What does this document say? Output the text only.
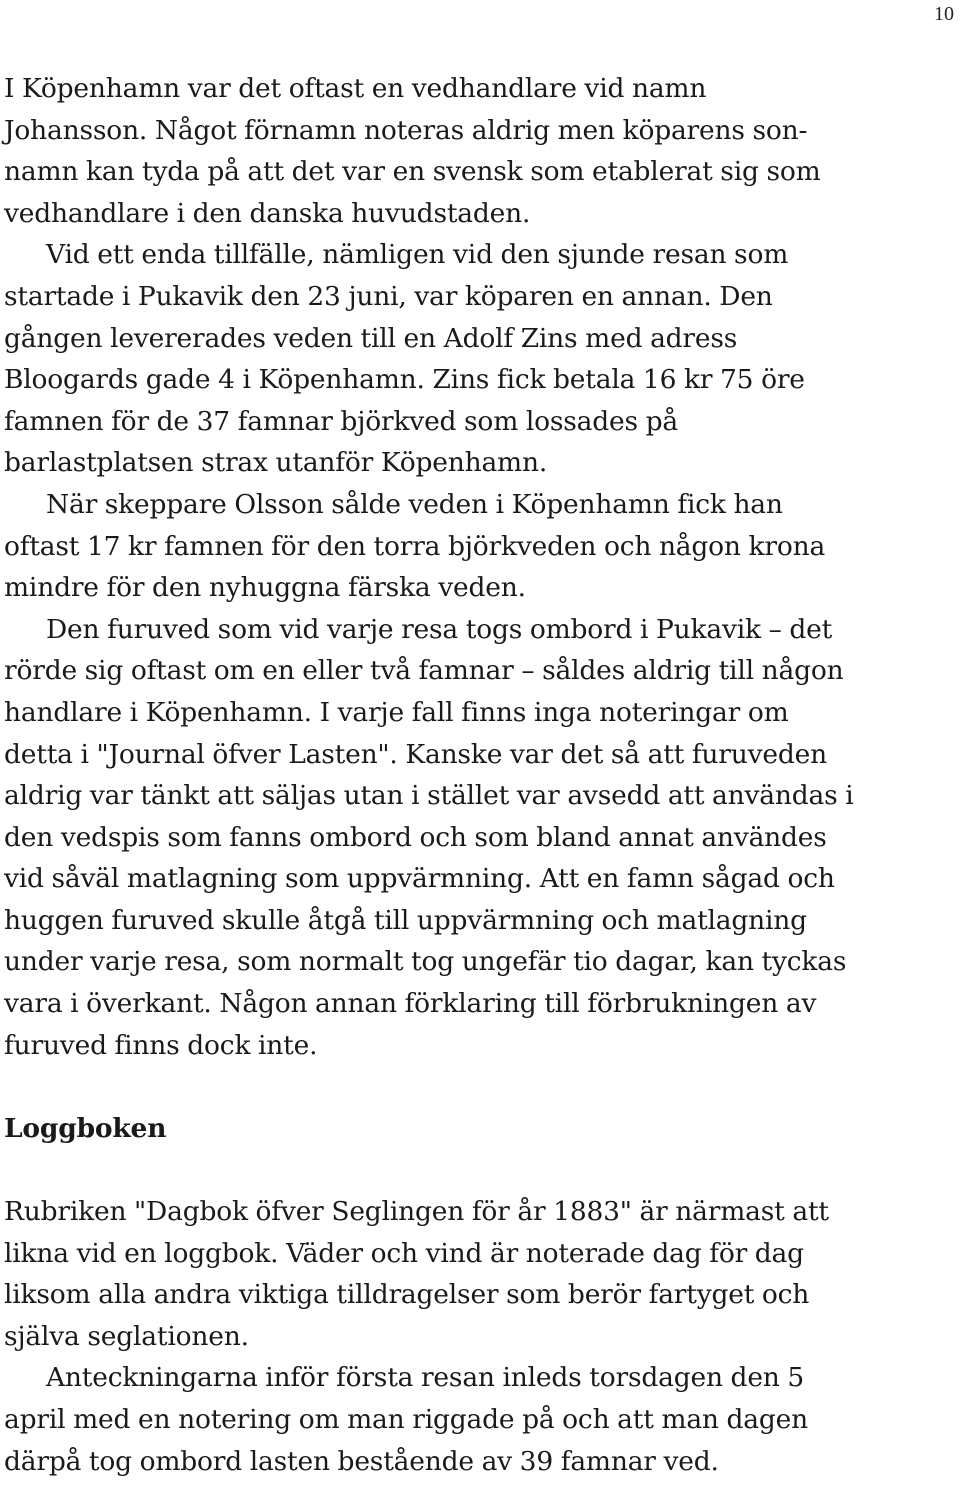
10
I Köpenhamn var det oftast en vedhandlare vid namn
Johansson. Något förnamn noteras aldrig men köparens son-
namn kan tyda på att det var en svensk som etablerat sig som
vedhandlare i den danska huvudstaden.
Vid ett enda tillfälle, nämligen vid den sjunde resan som
startade i Pukavik den 23 juni, var köparen en annan. Den
gången levererades veden till en Adolf Zins med adress
Bloogards gade 4 i Köpenhamn. Zins fick betala 16 kr 75 öre
famnen för de 37 famnar björkved som lossades på
barlastplatsen strax utanför Köpenhamn.
När skeppare Olsson sålde veden i Köpenhamn fick han
oftast 17 kr famnen för den torra björkveden och någon krona
mindre för den nyhuggna färska veden.
Den furuved som vid varje resa togs ombord i Pukavik – det
rörde sig oftast om en eller två famnar – såldes aldrig till någon
handlare i Köpenhamn. I varje fall finns inga noteringar om
detta i "Journal öfver Lasten". Kanske var det så att furuveden
aldrig var tänkt att säljas utan i stället var avsedd att användas i
den vedspis som fanns ombord och som bland annat användes
vid såväl matlagning som uppvärmning. Att en famn sågad och
huggen furuved skulle åtgå till uppvärmning och matlagning
under varje resa, som normalt tog ungefär tio dagar, kan tyckas
vara i överkant. Någon annan förklaring till förbrukningen av
furuved finns dock inte.
Loggboken
Rubriken "Dagbok öfver Seglingen för år 1883" är närmast att
likna vid en loggbok. Väder och vind är noterade dag för dag
liksom alla andra viktiga tilldragelser som berör fartyget och
själva seglationen.
Anteckningarna inför första resan inleds torsdagen den 5
april med en notering om man riggade på och att man dagen
därpå tog ombord lasten bestående av 39 famnar ved.
